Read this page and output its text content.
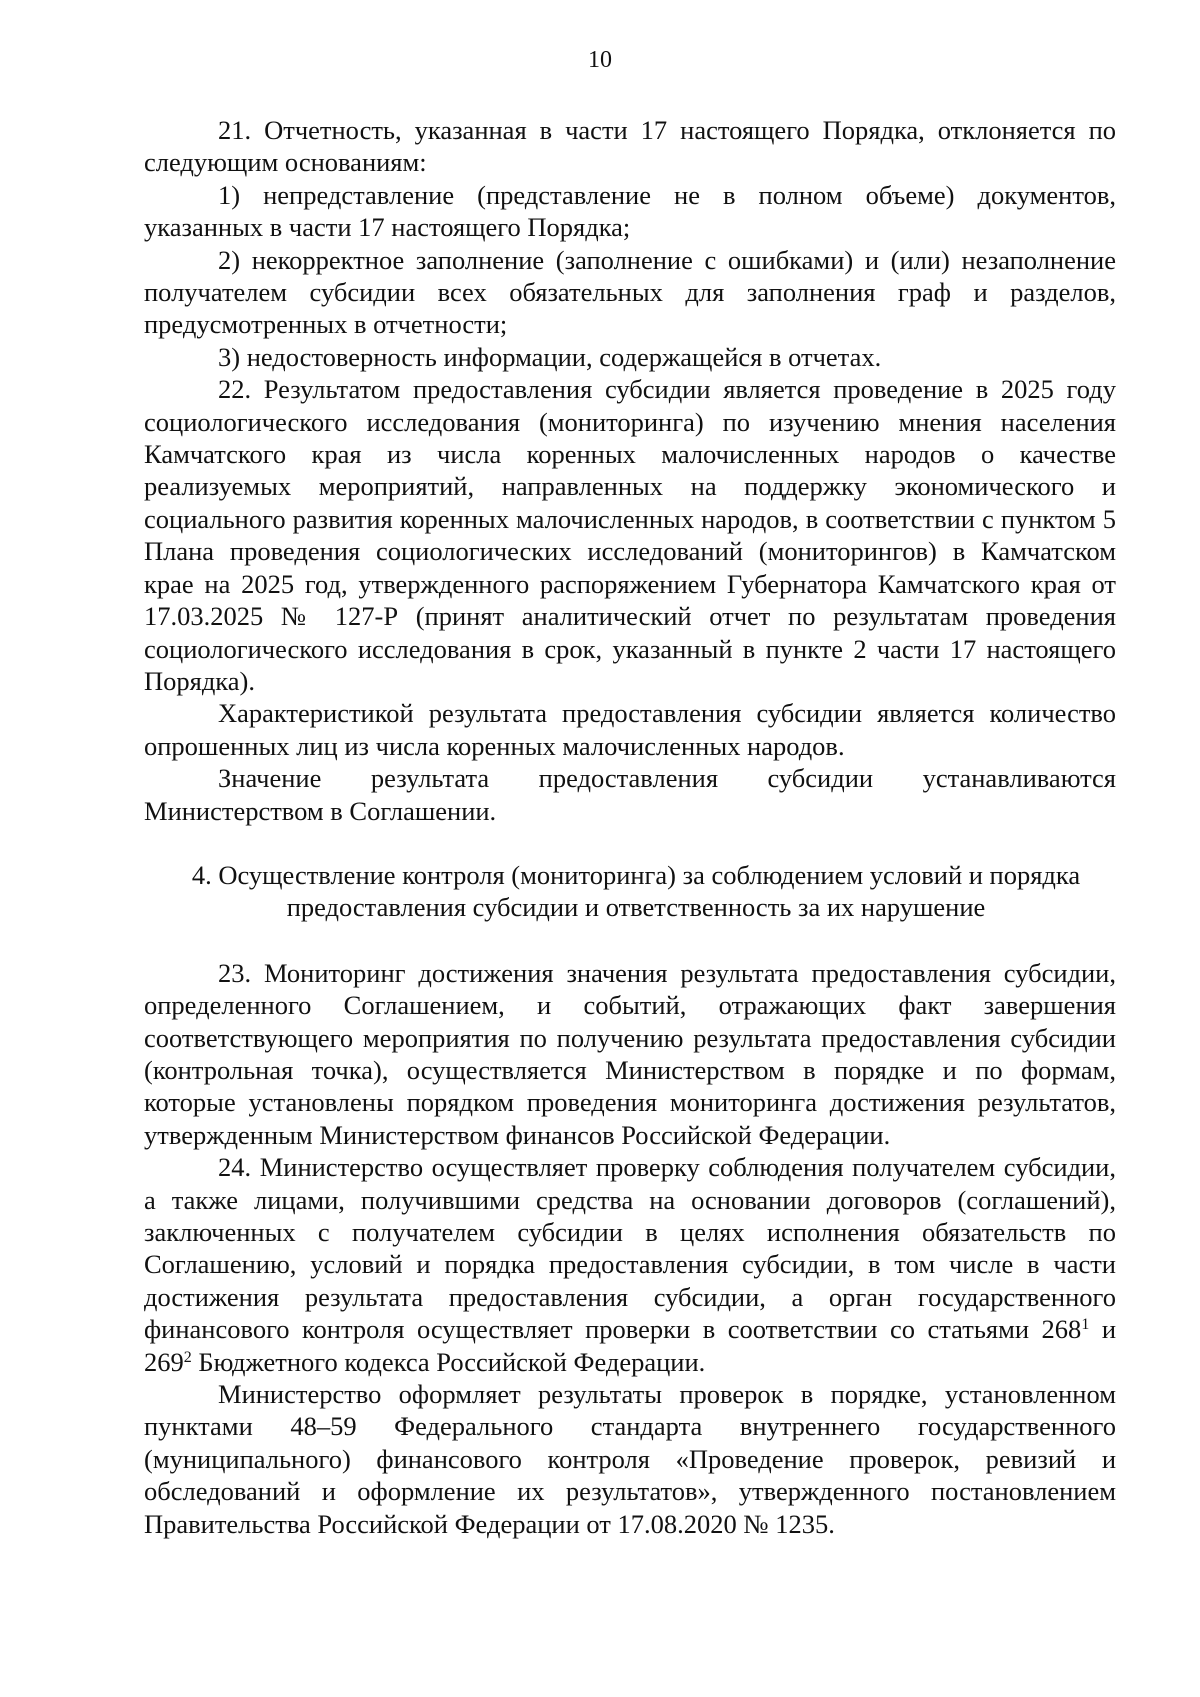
10

21. Отчетность, указанная в части 17 настоящего Порядка, отклоняется по следующим основаниям:

1) непредставление (представление не в полном объеме) документов, указанных в части 17 настоящего Порядка;

2) некорректное заполнение (заполнение с ошибками) и (или) незаполнение получателем субсидии всех обязательных для заполнения граф и разделов, предусмотренных в отчетности;

3) недостоверность информации, содержащейся в отчетах.

22. Результатом предоставления субсидии является проведение в 2025 году социологического исследования (мониторинга) по изучению мнения населения Камчатского края из числа коренных малочисленных народов о качестве реализуемых мероприятий, направленных на поддержку экономического и социального развития коренных малочисленных народов, в соответствии с пунктом 5 Плана проведения социологических исследований (мониторингов) в Камчатском крае на 2025 год, утвержденного распоряжением Губернатора Камчатского края от 17.03.2025 № 127-Р (принят аналитический отчет по результатам проведения социологического исследования в срок, указанный в пункте 2 части 17 настоящего Порядка).

Характеристикой результата предоставления субсидии является количество опрошенных лиц из числа коренных малочисленных народов.

Значение результата предоставления субсидии устанавливаются Министерством в Соглашении.

4. Осуществление контроля (мониторинга) за соблюдением условий и порядка

предоставления субсидии и ответственность за их нарушение

23. Мониторинг достижения значения результата предоставления субсидии, определенного Соглашением, и событий, отражающих факт завершения соответствующего мероприятия по получению результата предоставления субсидии (контрольная точка), осуществляется Министерством в порядке и по формам, которые установлены порядком проведения мониторинга достижения результатов, утвержденным Министерством финансов Российской Федерации.

24. Министерство осуществляет проверку соблюдения получателем субсидии, а также лицами, получившими средства на основании договоров (соглашений), заключенных с получателем субсидии в целях исполнения обязательств по Соглашению, условий и порядка предоставления субсидии, в том числе в части достижения результата предоставления субсидии, а орган государственного финансового контроля осуществляет проверки в соответствии со статьями $268^1$ и $269^2$ Бюджетного кодекса Российской Федерации.

Министерство оформляет результаты проверок в порядке, установленном пунктами 48–59 Федерального стандарта внутреннего государственного (муниципального) финансового контроля «Проведение проверок, ревизий и обследований и оформление их результатов», утвержденного постановлением Правительства Российской Федерации от 17.08.2020 № 1235.
